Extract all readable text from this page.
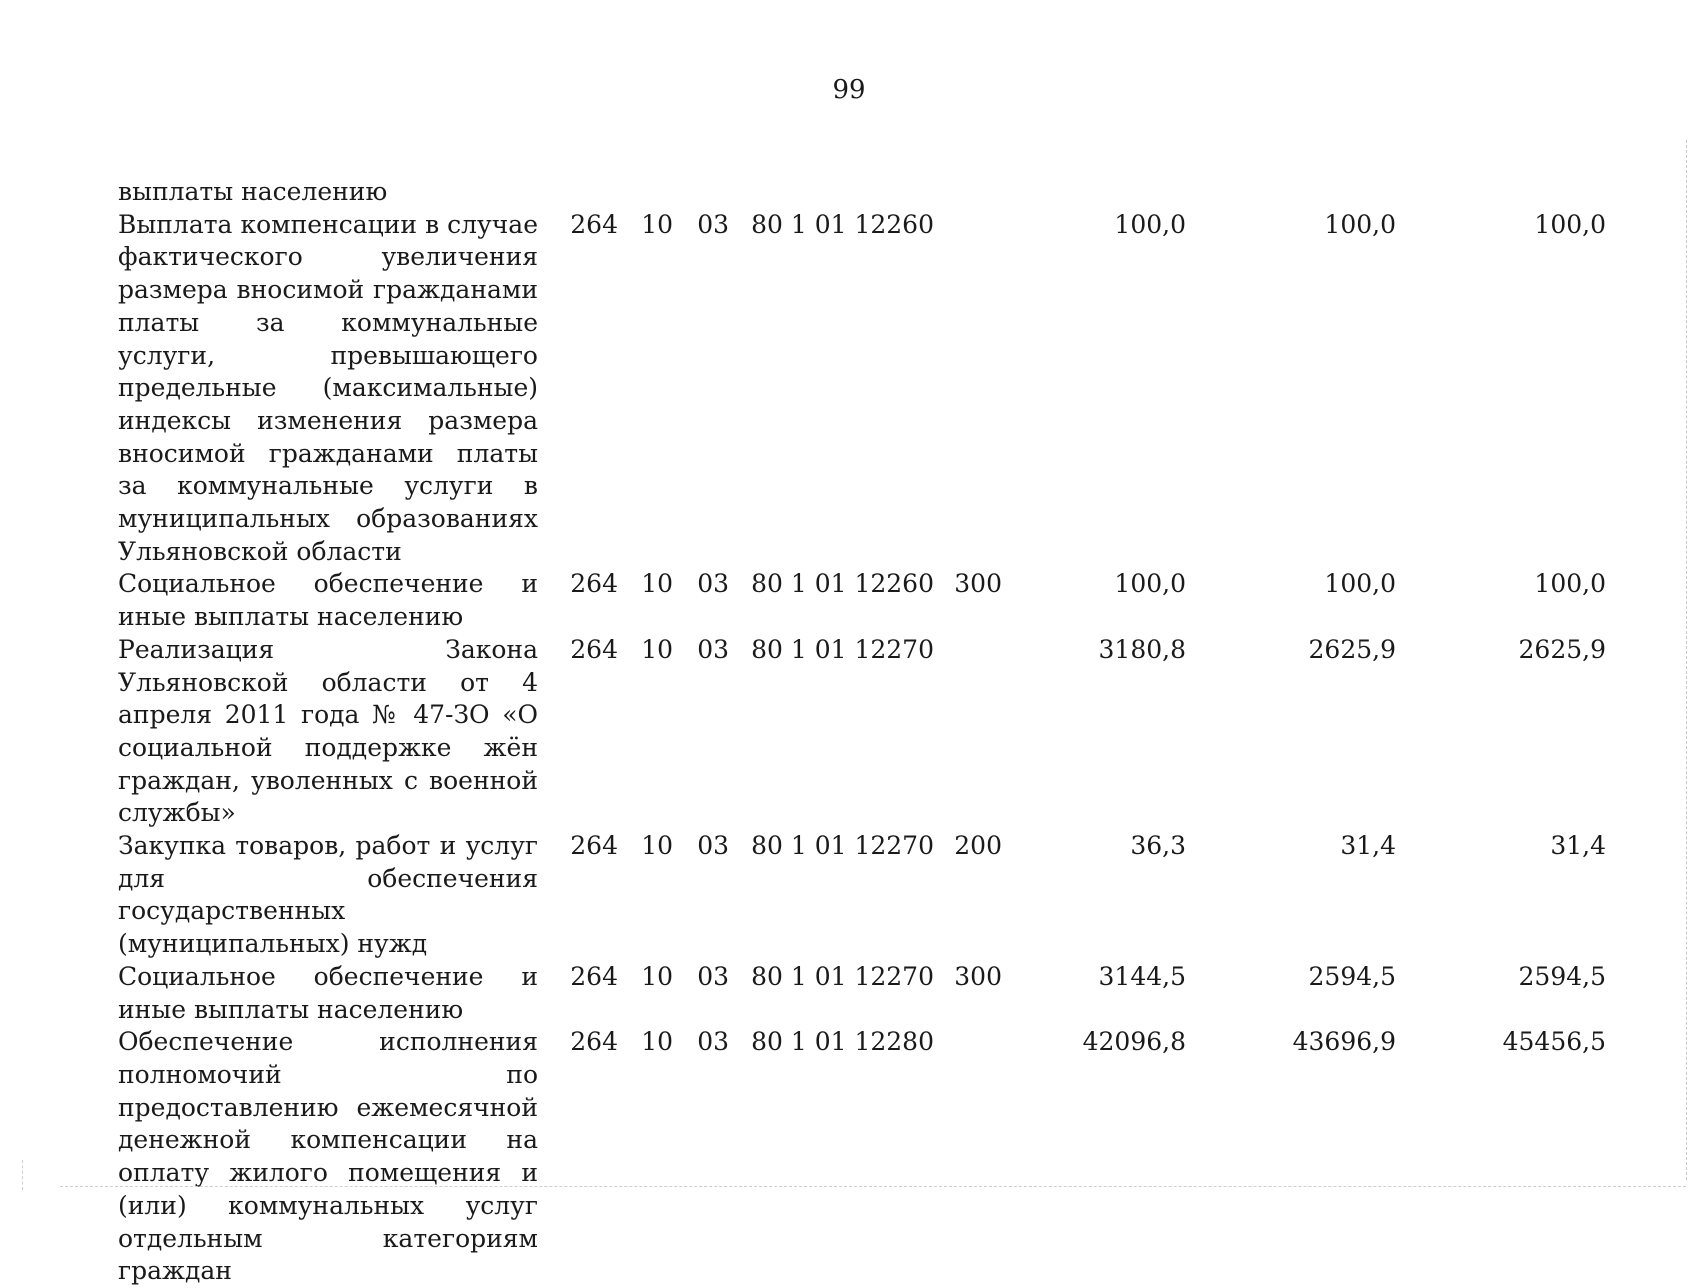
99
выплаты населению								
Выплата компенсации в случае фактического увеличения размера вносимой гражданами платы за коммунальные услуги, превышающего предельные (максимальные) индексы изменения размера вносимой гражданами платы за коммунальные услуги в муниципальных образованиях Ульяновской области	264	10	03	80 1 01 12260		100,0	100,0	100,0
Социальное обеспечение и иные выплаты населению	264	10	03	80 1 01 12260	300	100,0	100,0	100,0
Реализация Закона Ульяновской области от 4 апреля 2011 года № 47-ЗО «О социальной поддержке жён граждан, уволенных с военной службы»	264	10	03	80 1 01 12270		3180,8	2625,9	2625,9
Закупка товаров, работ и услуг для обеспечения государственных (муниципальных) нужд	264	10	03	80 1 01 12270	200	36,3	31,4	31,4
Социальное обеспечение и иные выплаты населению	264	10	03	80 1 01 12270	300	3144,5	2594,5	2594,5
Обеспечение исполнения полномочий по предоставлению ежемесячной денежной компенсации на оплату жилого помещения и (или) коммунальных услуг отдельным категориям граждан	264	10	03	80 1 01 12280		42096,8	43696,9	45456,5
